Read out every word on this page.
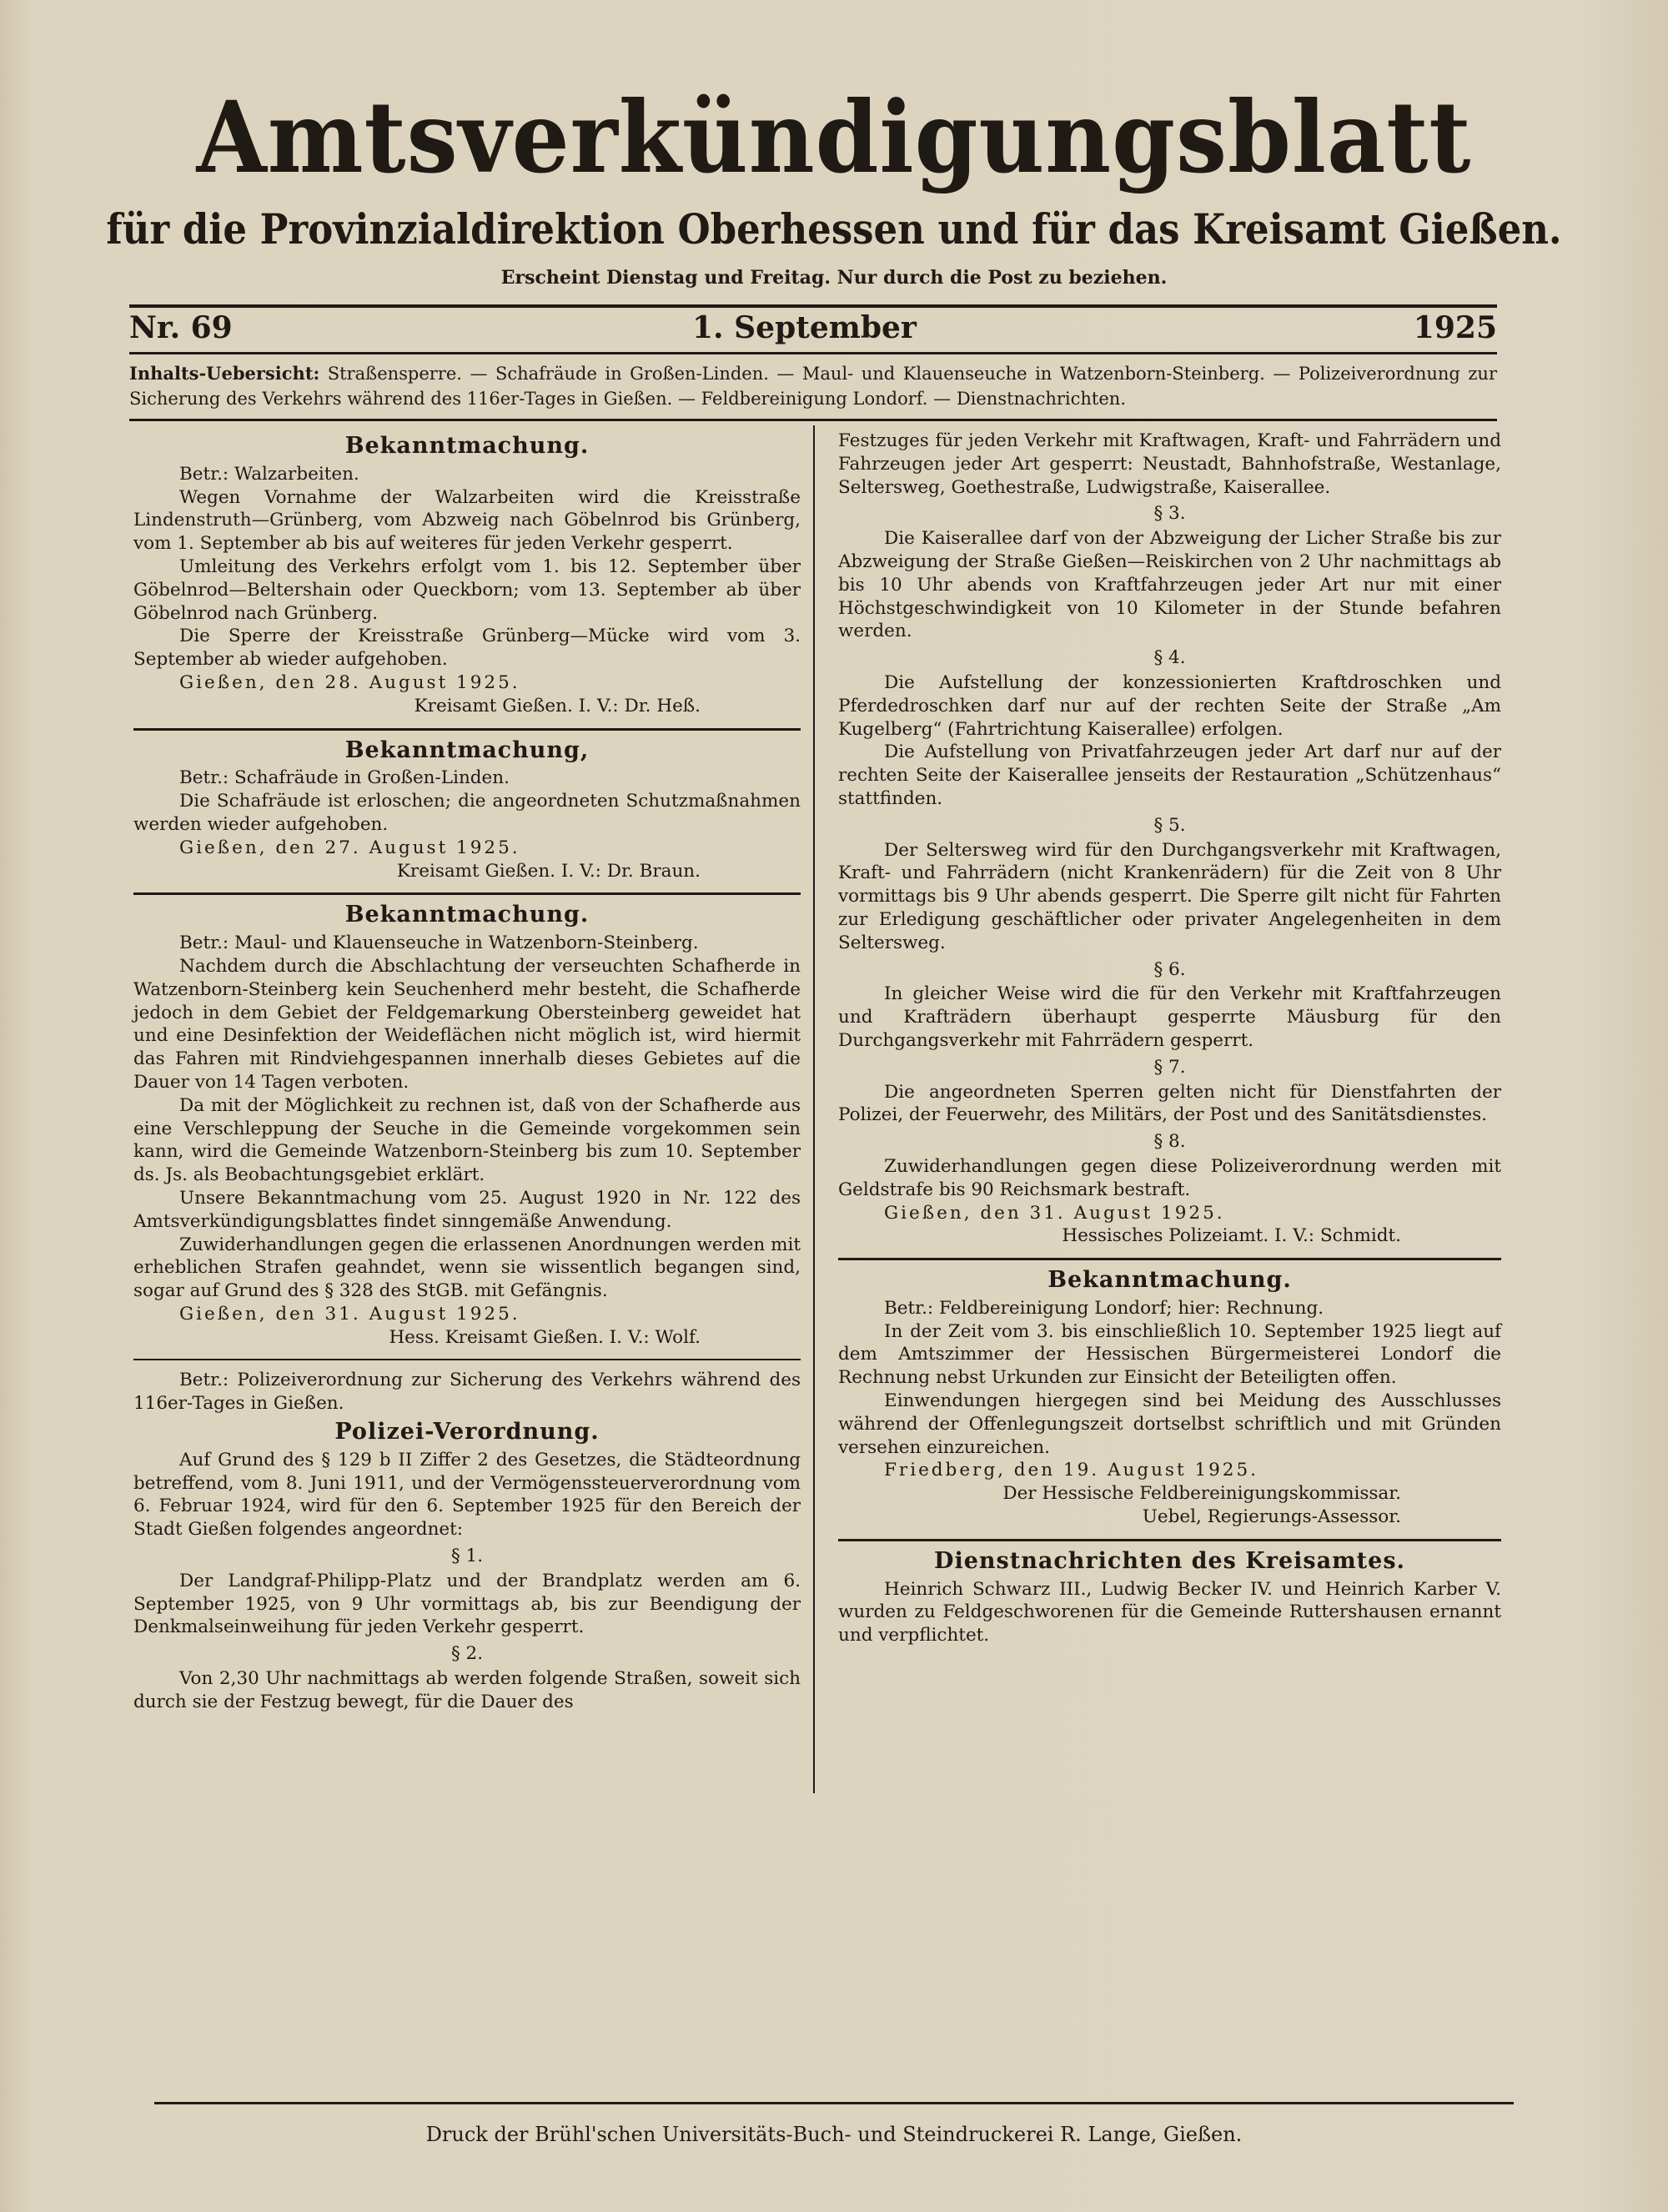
Amtsverkündigungsblatt
für die Provinzialdirektion Oberhessen und für das Kreisamt Gießen.
Erscheint Dienstag und Freitag. Nur durch die Post zu beziehen.
Nr. 69	1. September	1925
Inhalts-Uebersicht: Straßensperre. — Schafräude in Großen-Linden. — Maul- und Klauenseuche in Watzenborn-Steinberg. — Polizeiverordnung zur Sicherung des Verkehrs während des 116er-Tages in Gießen. — Feldbereinigung Londorf. — Dienstnachrichten.

Bekanntmachung.

Betr.: Walzarbeiten.

Wegen Vornahme der Walzarbeiten wird die Kreisstraße Lindenstruth—Grünberg, vom Abzweig nach Göbelnrod bis Grünberg, vom 1. September ab bis auf weiteres für jeden Verkehr gesperrt.

Umleitung des Verkehrs erfolgt vom 1. bis 12. September über Göbelnrod—Beltershain oder Queckborn; vom 13. September ab über Göbelnrod nach Grünberg.

Die Sperre der Kreisstraße Grünberg—Mücke wird vom 3. September ab wieder aufgehoben.

Gießen, den 28. August 1925.

Kreisamt Gießen. I. V.: Dr. Heß.

Bekanntmachung,

Betr.: Schafräude in Großen-Linden.

Die Schafräude ist erloschen; die angeordneten Schutzmaßnahmen werden wieder aufgehoben.

Gießen, den 27. August 1925.

Kreisamt Gießen. I. V.: Dr. Braun.

Bekanntmachung.

Betr.: Maul- und Klauenseuche in Watzenborn-Steinberg.

Nachdem durch die Abschlachtung der verseuchten Schafherde in Watzenborn-Steinberg kein Seuchenherd mehr besteht, die Schafherde jedoch in dem Gebiet der Feldgemarkung Obersteinberg geweidet hat und eine Desinfektion der Weideflächen nicht möglich ist, wird hiermit das Fahren mit Rindviehgespannen innerhalb dieses Gebietes auf die Dauer von 14 Tagen verboten.

Da mit der Möglichkeit zu rechnen ist, daß von der Schafherde aus eine Verschleppung der Seuche in die Gemeinde vorgekommen sein kann, wird die Gemeinde Watzenborn-Steinberg bis zum 10. September ds. Js. als Beobachtungsgebiet erklärt.

Unsere Bekanntmachung vom 25. August 1920 in Nr. 122 des Amtsverkündigungsblattes findet sinngemäße Anwendung.

Zuwiderhandlungen gegen die erlassenen Anordnungen werden mit erheblichen Strafen geahndet, wenn sie wissentlich begangen sind, sogar auf Grund des § 328 des StGB. mit Gefängnis.

Gießen, den 31. August 1925.

Hess. Kreisamt Gießen. I. V.: Wolf.

Betr.: Polizeiverordnung zur Sicherung des Verkehrs während des 116er-Tages in Gießen.

Polizei-Verordnung.

Auf Grund des § 129 b II Ziffer 2 des Gesetzes, die Städteordnung betreffend, vom 8. Juni 1911, und der Vermögenssteuerverordnung vom 6. Februar 1924, wird für den 6. September 1925 für den Bereich der Stadt Gießen folgendes angeordnet:

§ 1.

Der Landgraf-Philipp-Platz und der Brandplatz werden am 6. September 1925, von 9 Uhr vormittags ab, bis zur Beendigung der Denkmalseinweihung für jeden Verkehr gesperrt.

§ 2.

Von 2,30 Uhr nachmittags ab werden folgende Straßen, soweit sich durch sie der Festzug bewegt, für die Dauer des

Festzuges für jeden Verkehr mit Kraftwagen, Kraft- und Fahrrädern und Fahrzeugen jeder Art gesperrt: Neustadt, Bahnhofstraße, Westanlage, Seltersweg, Goethestraße, Ludwigstraße, Kaiserallee.

§ 3.

Die Kaiserallee darf von der Abzweigung der Licher Straße bis zur Abzweigung der Straße Gießen—Reiskirchen von 2 Uhr nachmittags ab bis 10 Uhr abends von Kraftfahrzeugen jeder Art nur mit einer Höchstgeschwindigkeit von 10 Kilometer in der Stunde befahren werden.

§ 4.

Die Aufstellung der konzessionierten Kraftdroschken und Pferdedroschken darf nur auf der rechten Seite der Straße „Am Kugelberg“ (Fahrtrichtung Kaiserallee) erfolgen.

Die Aufstellung von Privatfahrzeugen jeder Art darf nur auf der rechten Seite der Kaiserallee jenseits der Restauration „Schützenhaus“ stattfinden.

§ 5.

Der Seltersweg wird für den Durchgangsverkehr mit Kraftwagen, Kraft- und Fahrrädern (nicht Krankenrädern) für die Zeit von 8 Uhr vormittags bis 9 Uhr abends gesperrt. Die Sperre gilt nicht für Fahrten zur Erledigung geschäftlicher oder privater Angelegenheiten in dem Seltersweg.

§ 6.

In gleicher Weise wird die für den Verkehr mit Kraftfahrzeugen und Krafträdern überhaupt gesperrte Mäusburg für den Durchgangsverkehr mit Fahrrädern gesperrt.

§ 7.

Die angeordneten Sperren gelten nicht für Dienstfahrten der Polizei, der Feuerwehr, des Militärs, der Post und des Sanitätsdienstes.

§ 8.

Zuwiderhandlungen gegen diese Polizeiverordnung werden mit Geldstrafe bis 90 Reichsmark bestraft.

Gießen, den 31. August 1925.

Hessisches Polizeiamt. I. V.: Schmidt.

Bekanntmachung.

Betr.: Feldbereinigung Londorf; hier: Rechnung.

In der Zeit vom 3. bis einschließlich 10. September 1925 liegt auf dem Amtszimmer der Hessischen Bürgermeisterei Londorf die Rechnung nebst Urkunden zur Einsicht der Beteiligten offen.

Einwendungen hiergegen sind bei Meidung des Ausschlusses während der Offenlegungszeit dortselbst schriftlich und mit Gründen versehen einzureichen.

Friedberg, den 19. August 1925.

Der Hessische Feldbereinigungskommissar.

Uebel, Regierungs-Assessor.

Dienstnachrichten des Kreisamtes.

Heinrich Schwarz III., Ludwig Becker IV. und Heinrich Karber V. wurden zu Feldgeschworenen für die Gemeinde Ruttershausen ernannt und verpflichtet.

Druck der Brühl'schen Universitäts-Buch- und Steindruckerei R. Lange, Gießen.
